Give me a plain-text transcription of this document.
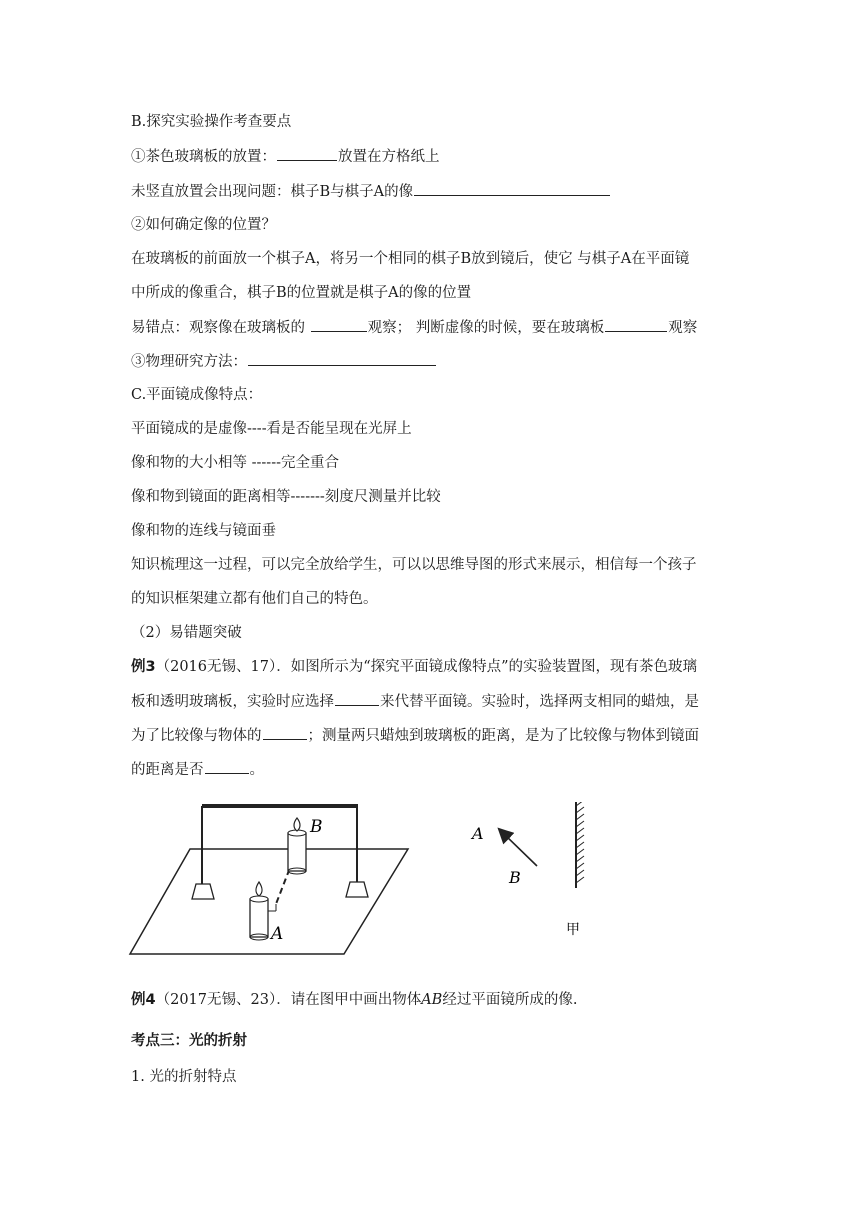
B.探究实验操作考查要点
①茶色玻璃板的放置：	放置在方格纸上
未竖直放置会出现问题：棋子B与棋子A的像
②如何确定像的位置？
在玻璃板的前面放一个棋子A，将另一个相同的棋子B放到镜后，使它 与棋子A在平面镜
中所成的像重合，棋子B的位置就是棋子A的像的位置
易错点：观察像在玻璃板的	观察； 判断虚像的时候，要在玻璃板	观察
③物理研究方法：
C.平面镜成像特点：
平面镜成的是虚像----看是否能呈现在光屏上
像和物的大小相等 ------完全重合
像和物到镜面的距离相等-------刻度尺测量并比较
像和物的连线与镜面垂
知识梳理这一过程，可以完全放给学生，可以以思维导图的形式来展示，相信每一个孩子
的知识框架建立都有他们自己的特色。
（2）易错题突破
例3（2016无锡、17）．如图所示为“探究平面镜成像特点”的实验装置图，现有茶色玻璃
板和透明玻璃板，实验时应选择	来代替平面镜。实验时，选择两支相同的蜡烛，是
为了比较像与物体的	；测量两只蜡烛到玻璃板的距离，是为了比较像与物体到镜面
的距离是否	。
B
A
A
B
甲
例4（2017无锡、23）．请在图甲中画出物体AB经过平面镜所成的像.
考点三：光的折射
1. 光的折射特点
